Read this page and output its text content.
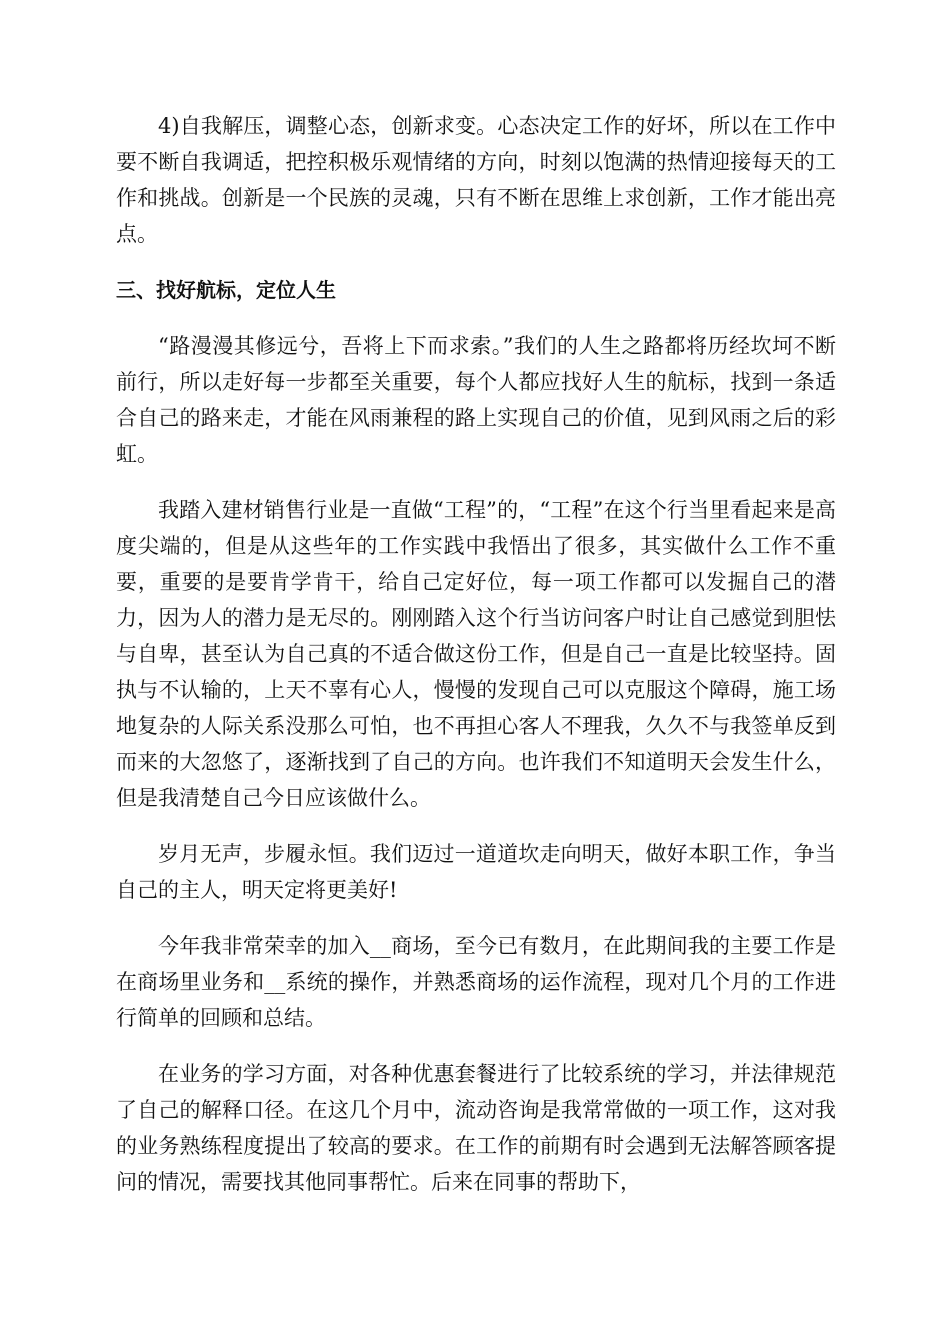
4)自我解压，调整心态，创新求变。心态决定工作的好坏，所以在工作中要不断自我调适，把控积极乐观情绪的方向，时刻以饱满的热情迎接每天的工作和挑战。创新是一个民族的灵魂，只有不断在思维上求创新，工作才能出亮点。

三、找好航标，定位人生

“路漫漫其修远兮，吾将上下而求索。”我们的人生之路都将历经坎坷不断前行，所以走好每一步都至关重要，每个人都应找好人生的航标，找到一条适合自己的路来走，才能在风雨兼程的路上实现自己的价值，见到风雨之后的彩虹。

我踏入建材销售行业是一直做“工程”的，“工程”在这个行当里看起来是高度尖端的，但是从这些年的工作实践中我悟出了很多，其实做什么工作不重要，重要的是要肯学肯干，给自己定好位，每一项工作都可以发掘自己的潜力，因为人的潜力是无尽的。刚刚踏入这个行当访问客户时让自己感觉到胆怯与自卑，甚至认为自己真的不适合做这份工作，但是自己一直是比较坚持。固执与不认输的，上天不辜有心人，慢慢的发现自己可以克服这个障碍，施工场地复杂的人际关系没那么可怕，也不再担心客人不理我，久久不与我签单反到而来的大忽悠了，逐渐找到了自己的方向。也许我们不知道明天会发生什么，但是我清楚自己今日应该做什么。

岁月无声，步履永恒。我们迈过一道道坎走向明天，做好本职工作，争当自己的主人，明天定将更美好!

今年我非常荣幸的加入__商场，至今已有数月，在此期间我的主要工作是在商场里业务和__系统的操作，并熟悉商场的运作流程，现对几个月的工作进行简单的回顾和总结。

在业务的学习方面，对各种优惠套餐进行了比较系统的学习，并法律规范了自己的解释口径。在这几个月中，流动咨询是我常常做的一项工作，这对我的业务熟练程度提出了较高的要求。在工作的前期有时会遇到无法解答顾客提问的情况，需要找其他同事帮忙。后来在同事的帮助下，
